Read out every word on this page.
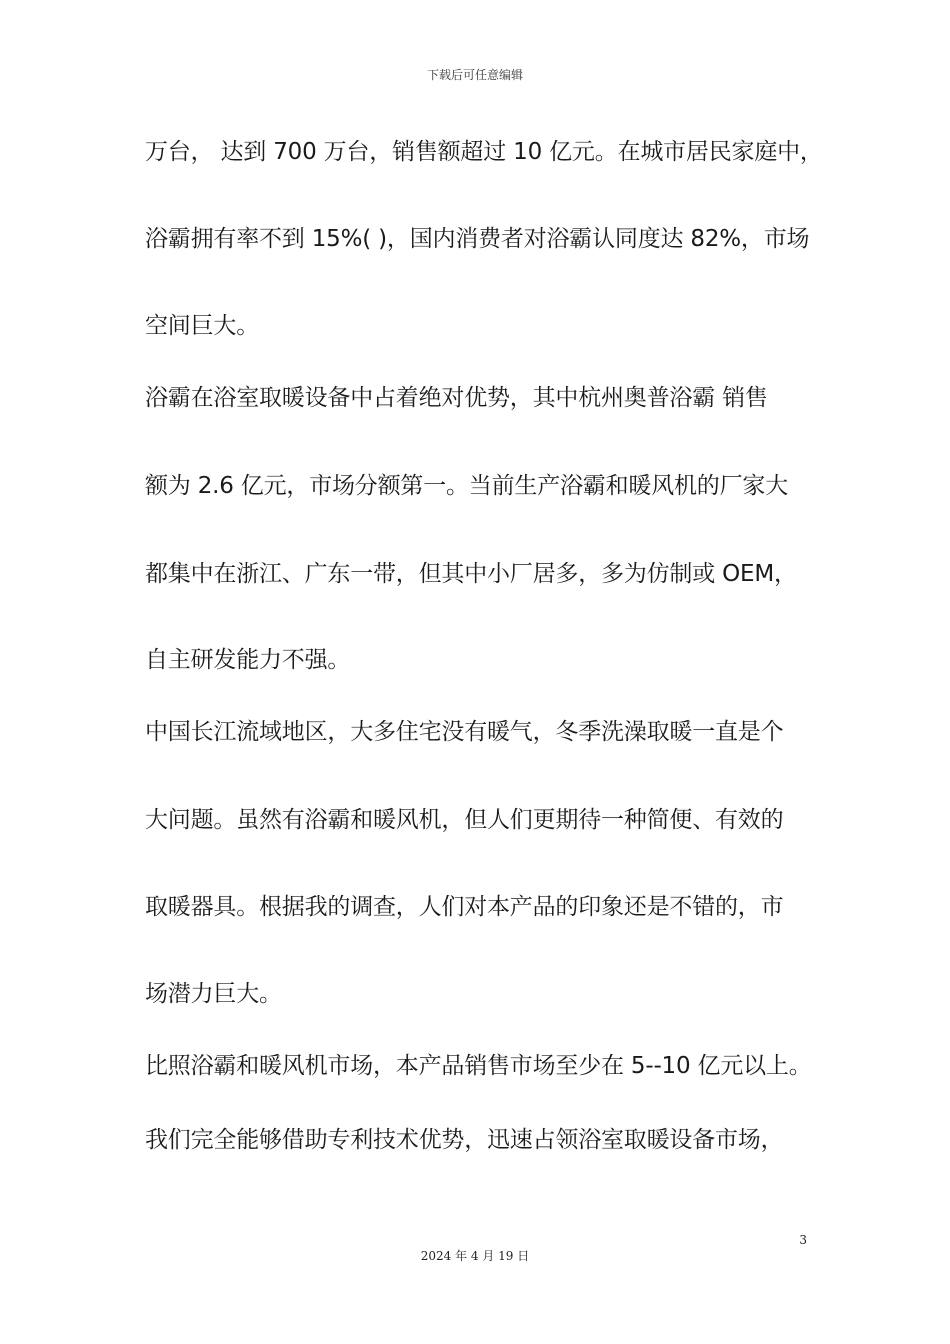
下载后可任意编辑
万台， 达到 700 万台，销售额超过 10 亿元。在城市居民家庭中，
浴霸拥有率不到 15%( )，国内消费者对浴霸认同度达 82%，市场
空间巨大。
浴霸在浴室取暖设备中占着绝对优势，其中杭州奥普浴霸 销售
额为 2.6 亿元，市场分额第一。当前生产浴霸和暖风机的厂家大
都集中在浙江、广东一带，但其中小厂居多，多为仿制或 OEM，
自主研发能力不强。
中国长江流域地区，大多住宅没有暖气，冬季洗澡取暖一直是个
大问题。虽然有浴霸和暖风机，但人们更期待一种简便、有效的
取暖器具。根据我的调查，人们对本产品的印象还是不错的，市
场潜力巨大。
比照浴霸和暖风机市场，本产品销售市场至少在 5--10 亿元以上。
我们完全能够借助专利技术优势，迅速占领浴室取暖设备市场，
3
2024 年 4 月 19 日
